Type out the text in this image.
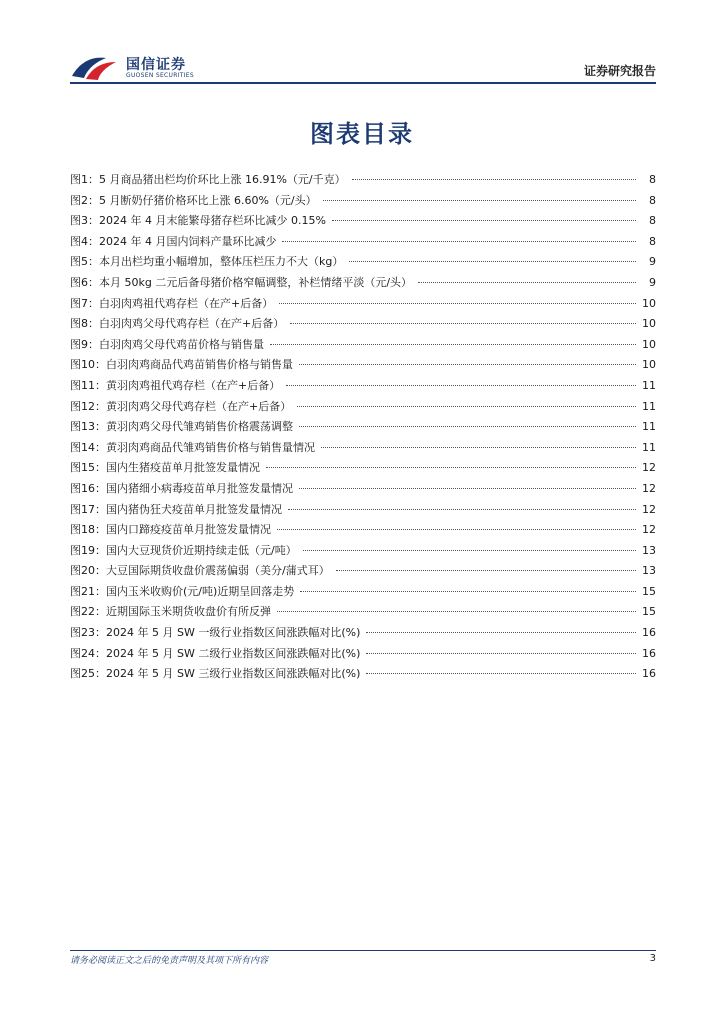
国信证券
GUOSEN SECURITIES	证券研究报告
图表目录
图1： 5 月商品猪出栏均价环比上涨 16.91%（元/千克）	8
图2： 5 月断奶仔猪价格环比上涨 6.60%（元/头）	8
图3： 2024 年 4 月末能繁母猪存栏环比减少 0.15%	8
图4： 2024 年 4 月国内饲料产量环比减少	8
图5： 本月出栏均重小幅增加，整体压栏压力不大（kg）	9
图6： 本月 50kg 二元后备母猪价格窄幅调整，补栏情绪平淡（元/头）	9
图7： 白羽肉鸡祖代鸡存栏（在产+后备）	10
图8： 白羽肉鸡父母代鸡存栏（在产+后备）	10
图9： 白羽肉鸡父母代鸡苗价格与销售量	10
图10： 白羽肉鸡商品代鸡苗销售价格与销售量	10
图11： 黄羽肉鸡祖代鸡存栏（在产+后备）	11
图12： 黄羽肉鸡父母代鸡存栏（在产+后备）	11
图13： 黄羽肉鸡父母代雏鸡销售价格震荡调整	11
图14： 黄羽肉鸡商品代雏鸡销售价格与销售量情况	11
图15： 国内生猪疫苗单月批签发量情况	12
图16： 国内猪细小病毒疫苗单月批签发量情况	12
图17： 国内猪伪狂犬疫苗单月批签发量情况	12
图18： 国内口蹄疫疫苗单月批签发量情况	12
图19： 国内大豆现货价近期持续走低（元/吨）	13
图20： 大豆国际期货收盘价震荡偏弱（美分/蒲式耳）	13
图21： 国内玉米收购价(元/吨)近期呈回落走势	15
图22： 近期国际玉米期货收盘价有所反弹	15
图23： 2024 年 5 月 SW 一级行业指数区间涨跌幅对比(%)	16
图24： 2024 年 5 月 SW 二级行业指数区间涨跌幅对比(%)	16
图25： 2024 年 5 月 SW 三级行业指数区间涨跌幅对比(%)	16
请务必阅读正文之后的免责声明及其项下所有内容	3
